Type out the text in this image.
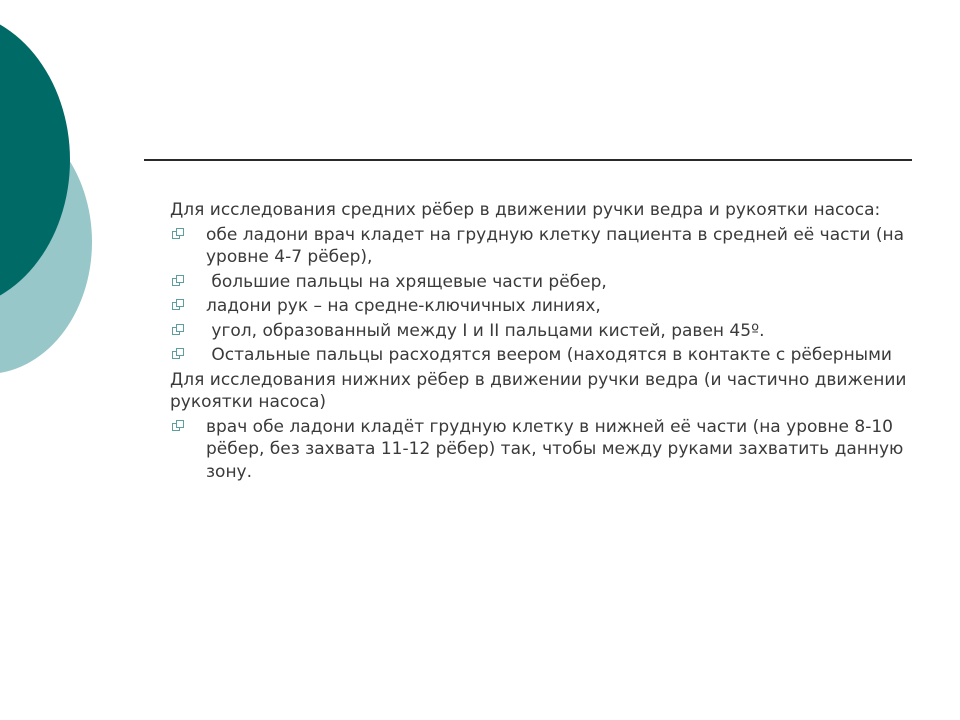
Для исследования средних рёбер в движении ручки ведра и рукоятки насоса:

обе ладони врач кладет на грудную клетку пациента в средней её части (на уровне 4-7 рёбер),
большие пальцы на хрящевые части рёбер,
ладони рук – на средне-ключичных линиях,
угол, образованный между I и II пальцами кистей, равен 45º.
Остальные пальцы расходятся веером (находятся в контакте с рёберными

Для исследования нижних рёбер в движении ручки ведра (и частично движении рукоятки насоса)

врач обе ладони кладёт грудную клетку в нижней её части (на уровне 8-10 рёбер, без захвата 11-12 рёбер) так, чтобы между руками захватить данную зону.
